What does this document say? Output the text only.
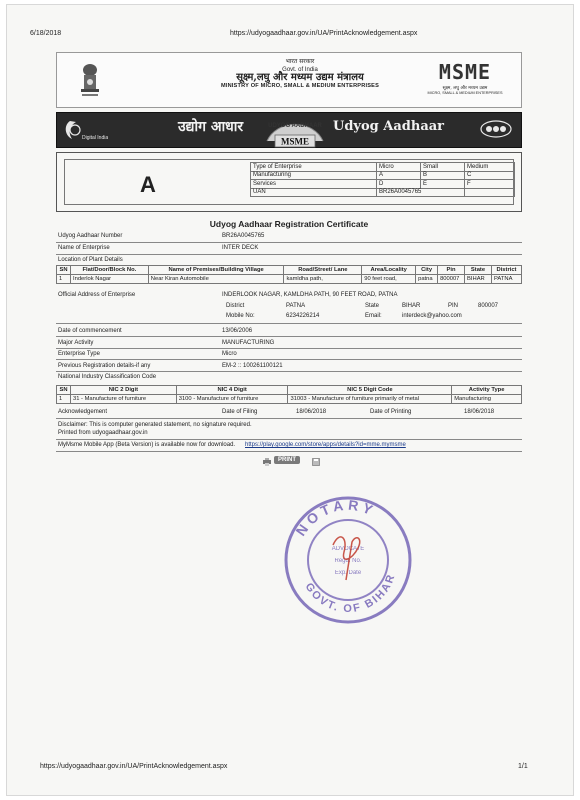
6/18/2018	https://udyogaadhaar.gov.in/UA/PrintAcknowledgement.aspx
https://udyogaadhaar.gov.in/UA/PrintAcknowledgement.aspx	1/1
भारत सरकार
Govt. of India
सूक्ष्म,लघु और मध्यम उद्यम मंत्रालय
MINISTRY OF MICRO, SMALL & MEDIUM ENTERPRISES
MSME
सूक्ष्म, लघु और मध्यम उद्यम
MICRO, SMALL & MEDIUM ENTERPRISES
Digital India
उद्योग आधार	UDYOG AADHAAR
MSME
Udyog Aadhaar
A
Type of Enterprise	Micro	Small	Medium
Manufacturing	A	B	C
Services	D	E	F
UAN	BR26A0045765		
Udyog Aadhaar Registration Certificate
Udyog Aadhaar Number	BR26A0045765
Name of Enterprise	INTER DECK
Location of Plant Details
SN	Flat/Door/Block No.	Name of Premises/Building Village	Road/Street/ Lane	Area/Locality	City	Pin	State	District
1	Inderlok Nagar	Near Kiran Automobile	kamldha path,	90 feet road,	patna	800007	BIHAR	PATNA
Official Address of Enterprise	INDERLOOK NAGAR, KAMLDHA PATH, 90 FEET ROAD, PATNA
District	PATNA	State	BIHAR	PIN	800007
Mobile No:	6234226214	Email:	interdeck@yahoo.com
Date of commencement	13/06/2006
Major Activity	MANUFACTURING
Enterprise Type	Micro
Previous Registration details-if any	EM-2 :: 100261100121
National Industry Classification Code
SN	NIC 2 Digit	NIC 4 Digit	NIC 5 Digit Code	Activity Type
1	31 - Manufacture of furniture	3100 - Manufacture of furniture	31003 - Manufacture of furniture primarily of metal	Manufacturing
Acknowledgement	Date of Filing	18/06/2018	Date of Printing	18/06/2018
Disclaimer: This is computer generated statement, no signature required.
Printed from udyogaadhaar.gov.in
MyMsme Mobile App (Beta Version) is available now for download. https://play.google.com/store/apps/details?id=mme.mymsme
PRINT
NOTARY
GOVT. OF BIHAR
ADVOCATE
Regd. No.
Exp. Date
